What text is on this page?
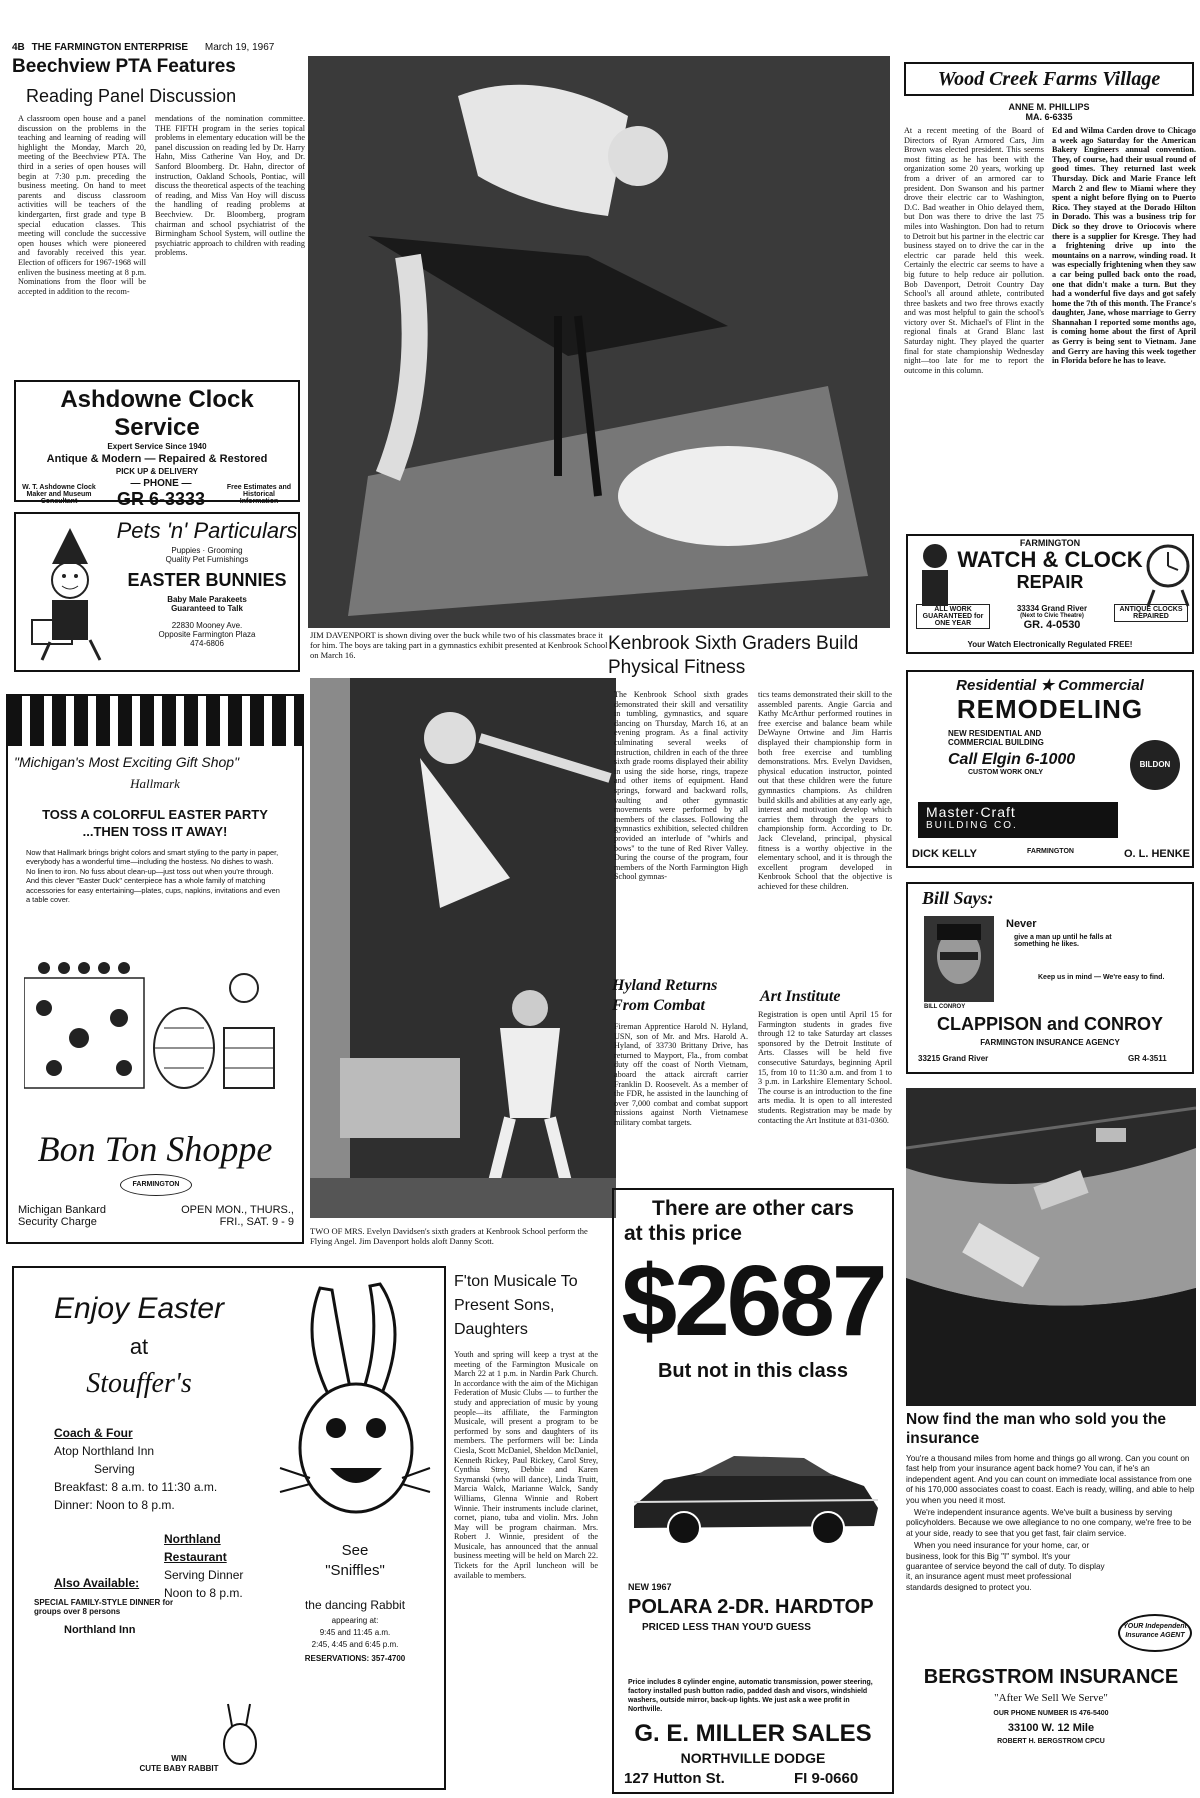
4B THE FARMINGTON ENTERPRISE March 19, 1967
Beechview PTA Features
Reading Panel Discussion
A classroom open house and a panel discussion on the problems in the teaching and learning of reading will highlight the Monday, March 20, meeting of the Beechview PTA. The third in a series of open houses will begin at 7:30 p.m. preceding the business meeting. On hand to meet parents and discuss classroom activities will be teachers of the kindergarten, first grade and type B special education classes. This meeting will conclude the successive open houses which were pioneered and favorably received this year. Election of officers for 1967-1968 will enliven the business meeting at 8 p.m. Nominations from the floor will be accepted in addition to the recom-
mendations of the nomination committee. THE FIFTH program in the series topical problems in elementary education will be the panel discussion on reading led by Dr. Harry Hahn, Miss Catherine Van Hoy, and Dr. Sanford Bloomberg. Dr. Hahn, director of instruction, Oakland Schools, Pontiac, will discuss the theoretical aspects of the teaching of reading, and Miss Van Hoy will discuss the handling of reading problems at Beechview. Dr. Bloomberg, program chairman and school psychiatrist of the Birmingham School System, will outline the psychiatric approach to children with reading problems.
Ashdowne Clock Service
Expert Service Since 1940
Antique & Modern — Repaired & Restored
PICK UP & DELIVERY
W. T. Ashdowne Clock Maker and Museum Consultant
— PHONE —
GR 6-3333
Free Estimates and Historical Information
Pets 'n' Particulars
Puppies · Grooming
Quality Pet Furnishings
EASTER BUNNIES
Baby Male Parakeets
Guaranteed to Talk
22830 Mooney Ave.
Opposite Farmington Plaza
474-6806
"Michigan's Most Exciting Gift Shop"
Hallmark
TOSS A COLORFUL EASTER PARTY ...THEN TOSS IT AWAY!
Now that Hallmark brings bright colors and smart styling to the party in paper, everybody has a wonderful time—including the hostess. No dishes to wash. No linen to iron. No fuss about clean-up—just toss out when you're through. And this clever "Easter Duck" centerpiece has a whole family of matching accessories for easy entertaining—plates, cups, napkins, invitations and even a table cover.
Bon Ton Shoppe
FARMINGTON
Michigan Bankard
Security Charge
OPEN MON., THURS.,
FRI., SAT. 9 - 9
JIM DAVENPORT is shown diving over the buck while two of his classmates brace it for him. The boys are taking part in a gymnastics exhibit presented at Kenbrook School on March 16.
TWO OF MRS. Evelyn Davidsen's sixth graders at Kenbrook School perform the Flying Angel. Jim Davenport holds aloft Danny Scott.
Kenbrook Sixth Graders Build Physical Fitness
The Kenbrook School sixth grades demonstrated their skill and versatility in tumbling, gymnastics, and square dancing on Thursday, March 16, at an evening program. As a final activity culminating several weeks of instruction, children in each of the three sixth grade rooms displayed their ability in using the side horse, rings, trapeze and other items of equipment. Hand springs, forward and backward rolls, vaulting and other gymnastic movements were performed by all members of the classes. Following the gymnastics exhibition, selected children provided an interlude of "whirls and bows" to the tune of Red River Valley. During the course of the program, four members of the North Farmington High School gymnas-
tics teams demonstrated their skill to the assembled parents. Angie Garcia and Kathy McArthur performed routines in free exercise and balance beam while DeWayne Ortwine and Jim Harris displayed their championship form in both free exercise and tumbling demonstrations. Mrs. Evelyn Davidsen, physical education instructor, pointed out that these children were the future gymnastics champions. As children build skills and abilities at any early age, interest and motivation develop which carries them through the years to championship form. According to Dr. Jack Cleveland, principal, physical fitness is a worthy objective in the elementary school, and it is through the excellent program developed in Kenbrook School that the objective is achieved for these children.
Hyland Returns From Combat
Fireman Apprentice Harold N. Hyland, USN, son of Mr. and Mrs. Harold A. Hyland, of 33730 Brittany Drive, has returned to Mayport, Fla., from combat duty off the coast of North Vietnam, aboard the attack aircraft carrier Franklin D. Roosevelt. As a member of the FDR, he assisted in the launching of over 7,000 combat and combat support missions against North Vietnamese military combat targets.
Art Institute
Registration is open until April 15 for Farmington students in grades five through 12 to take Saturday art classes sponsored by the Detroit Institute of Arts. Classes will be held five consecutive Saturdays, beginning April 15, from 10 to 11:30 a.m. and from 1 to 3 p.m. in Larkshire Elementary School. The course is an introduction to the fine arts media. It is open to all interested students. Registration may be made by contacting the Art Institute at 831-0360.
Wood Creek Farms Village
ANNE M. PHILLIPS
MA. 6-6335
At a recent meeting of the Board of Directors of Ryan Armored Cars, Jim Brown was elected president. This seems most fitting as he has been with the organization some 20 years, working up from a driver of an armored car to president. Don Swanson and his partner drove their electric car to Washington, D.C. Bad weather in Ohio delayed them, but Don was there to drive the last 75 miles into Washington. Don had to return to Detroit but his partner in the electric car business stayed on to drive the car in the electric car parade held this week. Certainly the electric car seems to have a big future to help reduce air pollution. Bob Davenport, Detroit Country Day School's all around athlete, contributed three baskets and two free throws exactly and was most helpful to gain the school's victory over St. Michael's of Flint in the regional finals at Grand Blanc last Saturday night. They played the quarter final for state championship Wednesday night—too late for me to report the outcome in this column.
Ed and Wilma Carden drove to Chicago a week ago Saturday for the American Bakery Engineers annual convention. They, of course, had their usual round of good times. They returned last week Thursday. Dick and Marie France left March 2 and flew to Miami where they spent a night before flying on to Puerto Rico. They stayed at the Dorado Hilton in Dorado. This was a business trip for Dick so they drove to Oriocovis where there is a supplier for Kresge. They had a frightening drive up into the mountains on a narrow, winding road. It was especially frightening when they saw a car being pulled back onto the road, one that didn't make a turn. But they had a wonderful five days and got safely home the 7th of this month. The France's daughter, Jane, whose marriage to Gerry Shannahan I reported some months ago, is coming home about the first of April as Gerry is being sent to Vietnam. Jane and Gerry are having this week together in Florida before he has to leave.
FARMINGTON
WATCH & CLOCK
REPAIR
ALL WORK GUARANTEED for ONE YEAR
33334 Grand River
(Next to Civic Theatre)
GR. 4-0530
ANTIQUE CLOCKS REPAIRED
Your Watch Electronically Regulated FREE!
Residential ★ Commercial
REMODELING
NEW RESIDENTIAL AND
COMMERCIAL BUILDING
Call Elgin 6-1000
CUSTOM WORK ONLY
BILDON
Master·Craft
BUILDING CO.
DICK KELLY	FARMINGTON	O. L. HENKE
Bill Says:
Never
give a man up until he falls at something he likes.
Keep us in mind — We're easy to find.
BILL CONROY
CLAPPISON and CONROY
FARMINGTON INSURANCE AGENCY
33215 Grand River	GR 4-3511
Now find the man who sold you the insurance
You're a thousand miles from home and things go all wrong. Can you count on fast help from your insurance agent back home? You can, if he's an independent agent. And you can count on immediate local assistance from one of his 170,000 associates coast to coast. Each is ready, willing, and able to help you when you need it most.
We're independent insurance agents. We've built a business by serving policyholders. Because we owe allegiance to no one company, we're free to be at your side, ready to see that you get fast, fair claim service.
When you need insurance for your home, car, or business, look for this Big "I" symbol. It's your guarantee of service beyond the call of duty. To display it, an insurance agent must meet professional standards designed to protect you.
YOUR Independent Insurance AGENT
BERGSTROM INSURANCE
"After We Sell We Serve"
OUR PHONE NUMBER IS 476-5400
33100 W. 12 Mile
ROBERT H. BERGSTROM CPCU
Enjoy Easter
at
Stouffer's
Coach & Four
Atop Northland Inn
Serving
Breakfast: 8 a.m. to 11:30 a.m.
Dinner: Noon to 8 p.m.
Northland Restaurant
Serving Dinner
Noon to 8 p.m.
Also Available:
SPECIAL FAMILY-STYLE DINNER for groups over 8 persons
Northland Inn
See
"Sniffles"
the dancing Rabbit
appearing at:
9:45 and 11:45 a.m.
2:45, 4:45 and 6:45 p.m.
RESERVATIONS: 357-4700
WIN
CUTE BABY RABBIT
F'ton Musicale To Present Sons, Daughters
Youth and spring will keep a tryst at the meeting of the Farmington Musicale on March 22 at 1 p.m. in Nardin Park Church. In accordance with the aim of the Michigan Federation of Music Clubs — to further the study and appreciation of music by young people—its affiliate, the Farmington Musicale, will present a program to be performed by sons and daughters of its members. The performers will be: Linda Ciesla, Scott McDaniel, Sheldon McDaniel, Kenneth Rickey, Paul Rickey, Carol Strey, Cynthia Strey, Debbie and Karen Szymanski (who will dance), Linda Truitt, Marcia Walck, Marianne Walck, Sandy Williams, Glenna Winnie and Robert Winnie. Their instruments include clarinet, cornet, piano, tuba and violin. Mrs. John May will be program chairman. Mrs. Robert J. Winnie, president of the Musicale, has announced that the annual business meeting will be held on March 22. Tickets for the April luncheon will be available to members.
There are other cars
at this price
$2687
But not in this class
NEW 1967
POLARA 2-DR. HARDTOP
PRICED LESS THAN YOU'D GUESS
Price includes 8 cylinder engine, automatic transmission, power steering, factory installed push button radio, padded dash and visors, windshield washers, outside mirror, back-up lights. We just ask a wee profit in Northville.
G. E. MILLER SALES
NORTHVILLE DODGE
127 Hutton St.	FI 9-0660
